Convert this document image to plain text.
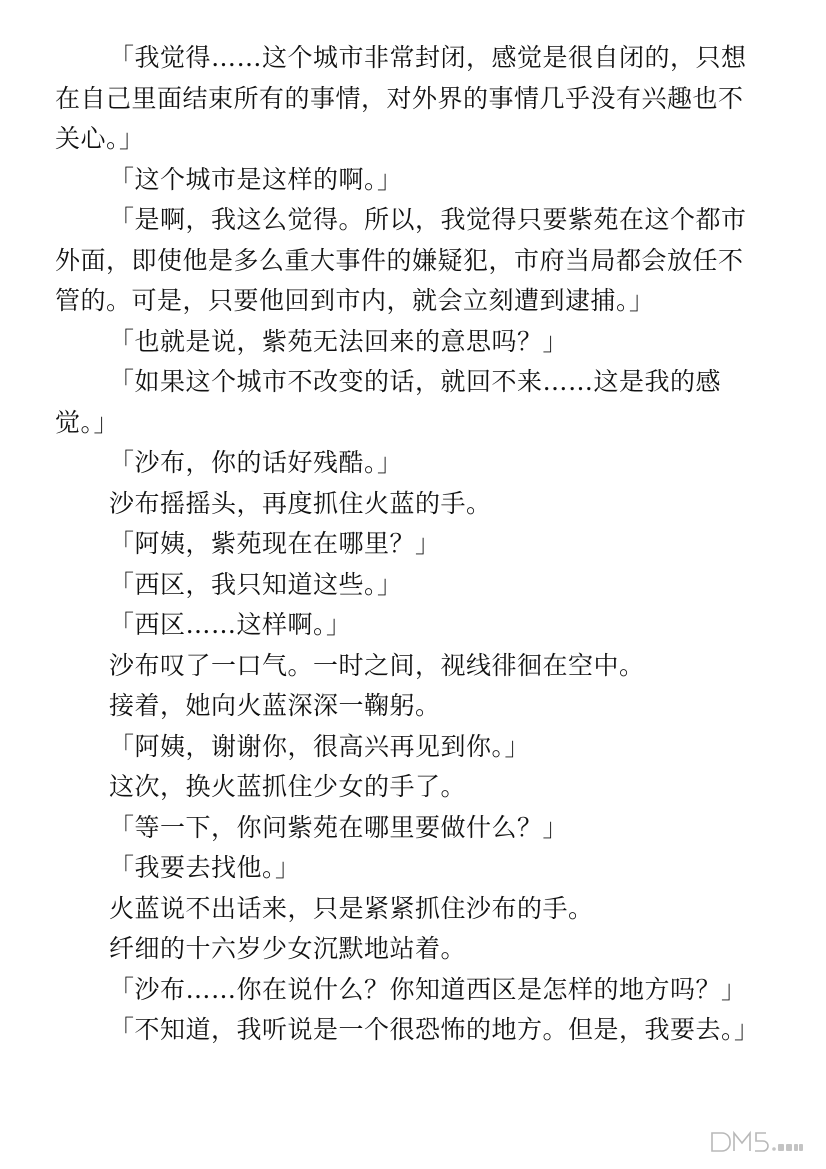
「我觉得……这个城市非常封闭，感觉是很自闭的，只想在自己里面结束所有的事情，对外界的事情几乎没有兴趣也不关心。」

「这个城市是这样的啊。」

「是啊，我这么觉得。所以，我觉得只要紫苑在这个都市外面，即使他是多么重大事件的嫌疑犯，市府当局都会放任不管的。可是，只要他回到市内，就会立刻遭到逮捕。」

「也就是说，紫苑无法回来的意思吗？」

「如果这个城市不改变的话，就回不来……这是我的感觉。」

「沙布，你的话好残酷。」

沙布摇摇头，再度抓住火蓝的手。

「阿姨，紫苑现在在哪里？」

「西区，我只知道这些。」

「西区……这样啊。」

沙布叹了一口气。一时之间，视线徘徊在空中。

接着，她向火蓝深深一鞠躬。

「阿姨，谢谢你，很高兴再见到你。」

这次，换火蓝抓住少女的手了。

「等一下，你问紫苑在哪里要做什么？」

「我要去找他。」

火蓝说不出话来，只是紧紧抓住沙布的手。

纤细的十六岁少女沉默地站着。

「沙布……你在说什么？你知道西区是怎样的地方吗？」

「不知道，我听说是一个很恐怖的地方。但是，我要去。」
